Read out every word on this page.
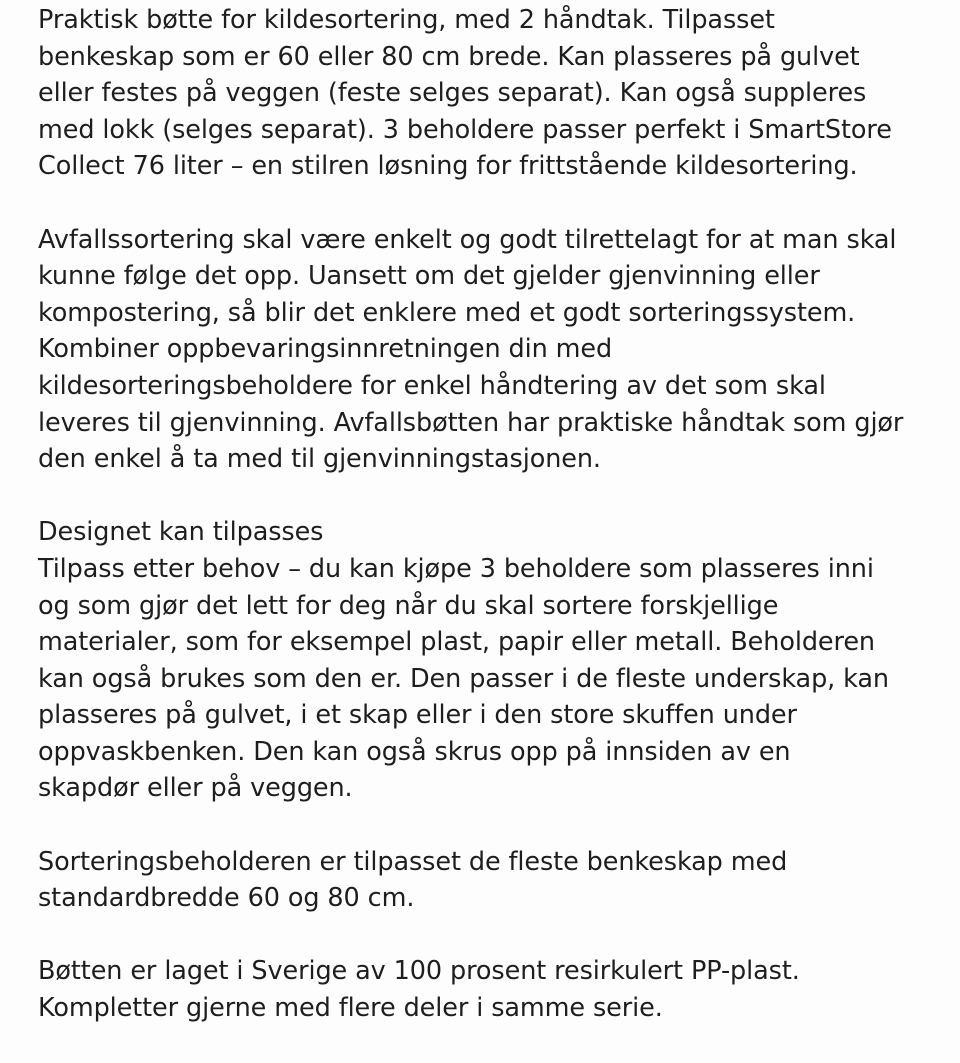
Praktisk bøtte for kildesortering, med 2 håndtak. Tilpasset
benkeskap som er 60 eller 80 cm brede. Kan plasseres på gulvet
eller festes på veggen (feste selges separat). Kan også suppleres
med lokk (selges separat). 3 beholdere passer perfekt i SmartStore
Collect 76 liter – en stilren løsning for frittstående kildesortering.
Avfallssortering skal være enkelt og godt tilrettelagt for at man skal
kunne følge det opp. Uansett om det gjelder gjenvinning eller
kompostering, så blir det enklere med et godt sorteringssystem.
Kombiner oppbevaringsinnretningen din med
kildesorteringsbeholdere for enkel håndtering av det som skal
leveres til gjenvinning. Avfallsbøtten har praktiske håndtak som gjør
den enkel å ta med til gjenvinningstasjonen.
Designet kan tilpasses
Tilpass etter behov – du kan kjøpe 3 beholdere som plasseres inni
og som gjør det lett for deg når du skal sortere forskjellige
materialer, som for eksempel plast, papir eller metall. Beholderen
kan også brukes som den er. Den passer i de fleste underskap, kan
plasseres på gulvet, i et skap eller i den store skuffen under
oppvaskbenken. Den kan også skrus opp på innsiden av en
skapdør eller på veggen.
Sorteringsbeholderen er tilpasset de fleste benkeskap med
standardbredde 60 og 80 cm.
Bøtten er laget i Sverige av 100 prosent resirkulert PP-plast.
Kompletter gjerne med flere deler i samme serie.
